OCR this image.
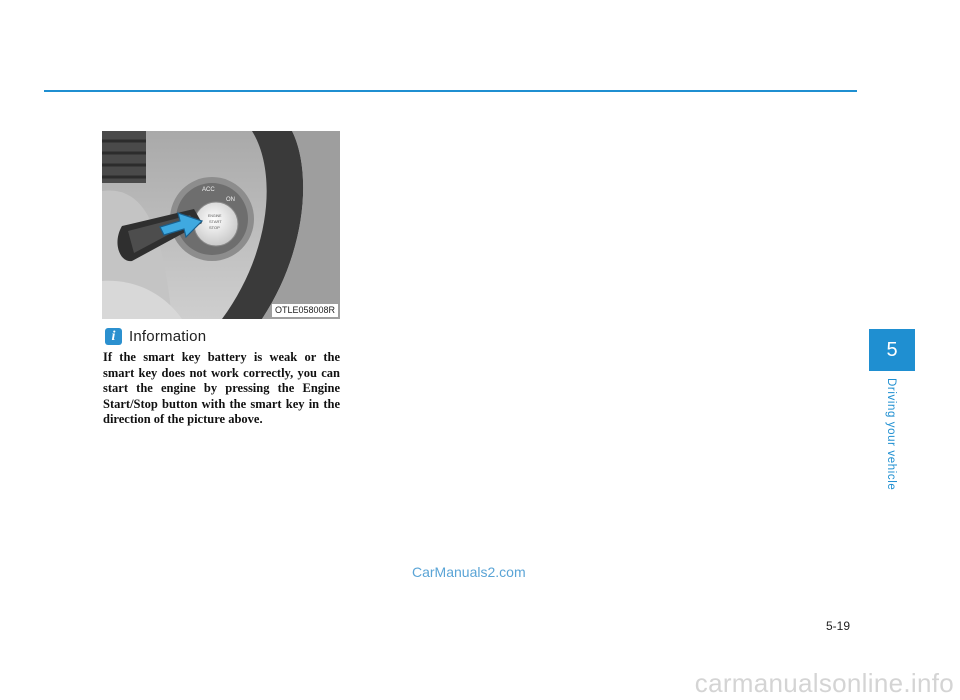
ACC
ON
ENGINE
START
STOP
OTLE058008R
i Information

If the smart key battery is weak or the smart key does not work correctly, you can start the engine by pressing the Engine Start/Stop button with the smart key in the direction of the picture above.

5
Driving your vehicle
CarManuals2.com
5-19
carmanualsonline.info
